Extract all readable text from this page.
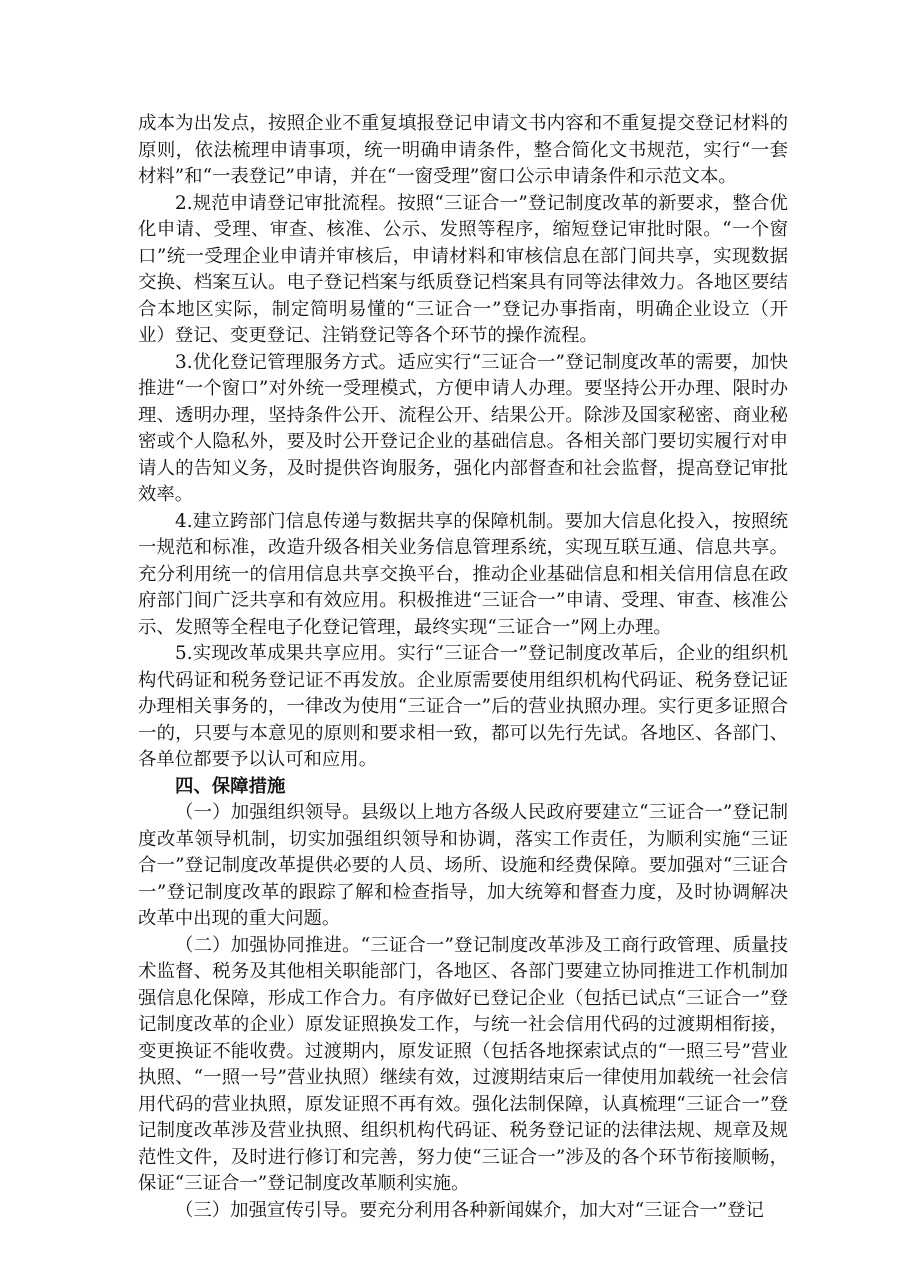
成本为出发点，按照企业不重复填报登记申请文书内容和不重复提交登记材料的原则，依法梳理申请事项，统一明确申请条件，整合简化文书规范，实行“一套材料”和“一表登记”申请，并在“一窗受理”窗口公示申请条件和示范文本。

2.规范申请登记审批流程。按照“三证合一”登记制度改革的新要求，整合优化申请、受理、审查、核准、公示、发照等程序，缩短登记审批时限。“一个窗口”统一受理企业申请并审核后，申请材料和审核信息在部门间共享，实现数据交换、档案互认。电子登记档案与纸质登记档案具有同等法律效力。各地区要结合本地区实际，制定简明易懂的“三证合一”登记办事指南，明确企业设立（开业）登记、变更登记、注销登记等各个环节的操作流程。

3.优化登记管理服务方式。适应实行“三证合一”登记制度改革的需要，加快推进“一个窗口”对外统一受理模式，方便申请人办理。要坚持公开办理、限时办理、透明办理，坚持条件公开、流程公开、结果公开。除涉及国家秘密、商业秘密或个人隐私外，要及时公开登记企业的基础信息。各相关部门要切实履行对申请人的告知义务，及时提供咨询服务，强化内部督查和社会监督，提高登记审批效率。

4.建立跨部门信息传递与数据共享的保障机制。要加大信息化投入，按照统一规范和标准，改造升级各相关业务信息管理系统，实现互联互通、信息共享。充分利用统一的信用信息共享交换平台，推动企业基础信息和相关信用信息在政府部门间广泛共享和有效应用。积极推进“三证合一”申请、受理、审查、核准公示、发照等全程电子化登记管理，最终实现“三证合一”网上办理。

5.实现改革成果共享应用。实行“三证合一”登记制度改革后，企业的组织机构代码证和税务登记证不再发放。企业原需要使用组织机构代码证、税务登记证办理相关事务的，一律改为使用“三证合一”后的营业执照办理。实行更多证照合一的，只要与本意见的原则和要求相一致，都可以先行先试。各地区、各部门、各单位都要予以认可和应用。

四、保障措施

（一）加强组织领导。县级以上地方各级人民政府要建立“三证合一”登记制度改革领导机制，切实加强组织领导和协调，落实工作责任，为顺利实施“三证合一”登记制度改革提供必要的人员、场所、设施和经费保障。要加强对“三证合一”登记制度改革的跟踪了解和检查指导，加大统筹和督查力度，及时协调解决改革中出现的重大问题。

（二）加强协同推进。“三证合一”登记制度改革涉及工商行政管理、质量技术监督、税务及其他相关职能部门，各地区、各部门要建立协同推进工作机制加强信息化保障，形成工作合力。有序做好已登记企业（包括已试点“三证合一”登记制度改革的企业）原发证照换发工作，与统一社会信用代码的过渡期相衔接，变更换证不能收费。过渡期内，原发证照（包括各地探索试点的“一照三号”营业执照、“一照一号”营业执照）继续有效，过渡期结束后一律使用加载统一社会信用代码的营业执照，原发证照不再有效。强化法制保障，认真梳理“三证合一”登记制度改革涉及营业执照、组织机构代码证、税务登记证的法律法规、规章及规范性文件，及时进行修订和完善，努力使“三证合一”涉及的各个环节衔接顺畅，保证“三证合一”登记制度改革顺利实施。

（三）加强宣传引导。要充分利用各种新闻媒介，加大对“三证合一”登记
